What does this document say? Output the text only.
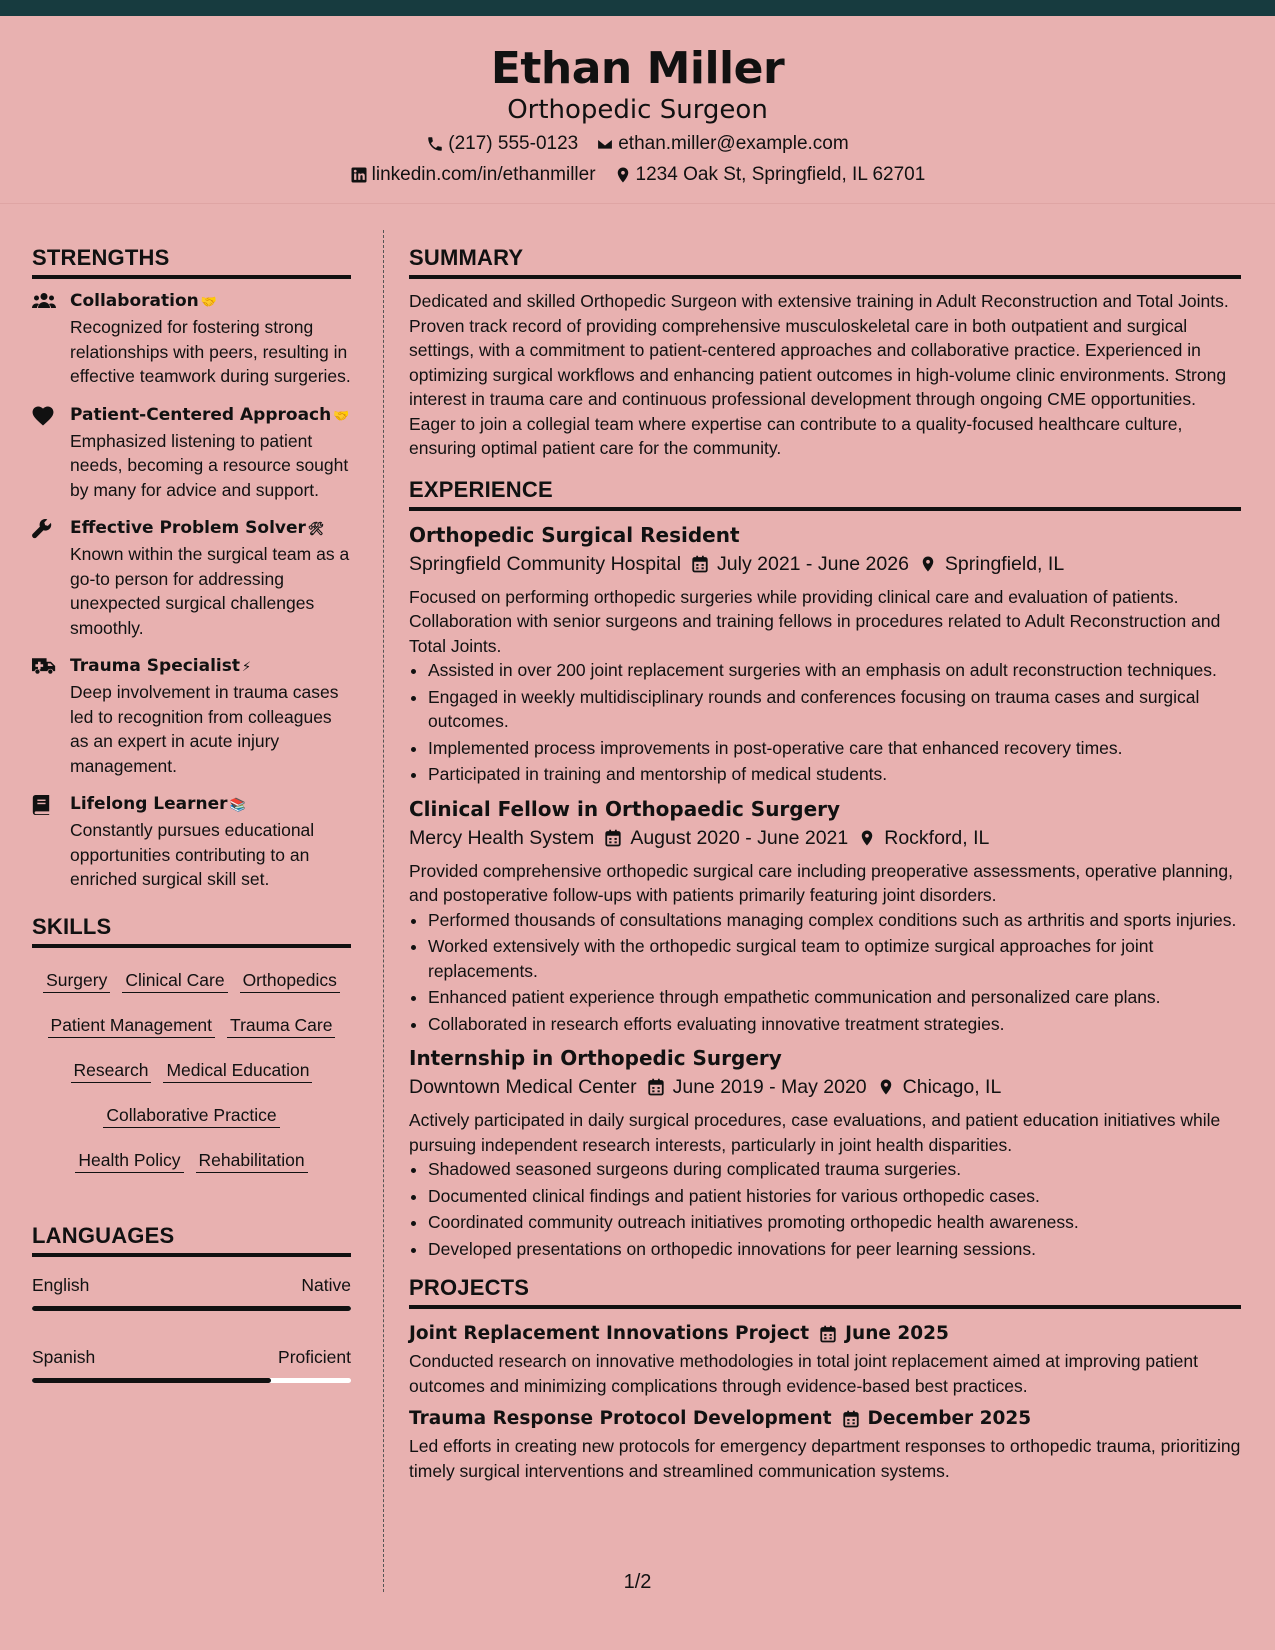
Ethan Miller
Orthopedic Surgeon
(217) 555-0123 ethan.miller@example.com
linkedin.com/in/ethanmiller 1234 Oak St, Springfield, IL 62701
STRENGTHS
Collaboration 🤝
Recognized for fostering strong relationships with peers, resulting in effective teamwork during surgeries.
Patient-Centered Approach 🤝
Emphasized listening to patient needs, becoming a resource sought by many for advice and support.
Effective Problem Solver 🛠
Known within the surgical team as a go-to person for addressing unexpected surgical challenges smoothly.
Trauma Specialist ⚡
Deep involvement in trauma cases led to recognition from colleagues as an expert in acute injury management.
Lifelong Learner 📚
Constantly pursues educational opportunities contributing to an enriched surgical skill set.
SKILLS
Surgery Clinical Care Orthopedics
Patient Management Trauma Care
Research Medical Education
Collaborative Practice
Health Policy Rehabilitation
LANGUAGES
English	Native
Spanish	Proficient
SUMMARY
Dedicated and skilled Orthopedic Surgeon with extensive training in Adult Reconstruction and Total Joints. Proven track record of providing comprehensive musculoskeletal care in both outpatient and surgical settings, with a commitment to patient-centered approaches and collaborative practice. Experienced in optimizing surgical workflows and enhancing patient outcomes in high-volume clinic environments. Strong interest in trauma care and continuous professional development through ongoing CME opportunities. Eager to join a collegial team where expertise can contribute to a quality-focused healthcare culture, ensuring optimal patient care for the community.
EXPERIENCE
Orthopedic Surgical Resident
Springfield Community Hospital July 2021 - June 2026 Springfield, IL
Focused on performing orthopedic surgeries while providing clinical care and evaluation of patients. Collaboration with senior surgeons and training fellows in procedures related to Adult Reconstruction and Total Joints.
• Assisted in over 200 joint replacement surgeries with an emphasis on adult reconstruction techniques.
• Engaged in weekly multidisciplinary rounds and conferences focusing on trauma cases and surgical outcomes.
• Implemented process improvements in post-operative care that enhanced recovery times.
• Participated in training and mentorship of medical students.
Clinical Fellow in Orthopaedic Surgery
Mercy Health System August 2020 - June 2021 Rockford, IL
Provided comprehensive orthopedic surgical care including preoperative assessments, operative planning, and postoperative follow-ups with patients primarily featuring joint disorders.
• Performed thousands of consultations managing complex conditions such as arthritis and sports injuries.
• Worked extensively with the orthopedic surgical team to optimize surgical approaches for joint replacements.
• Enhanced patient experience through empathetic communication and personalized care plans.
• Collaborated in research efforts evaluating innovative treatment strategies.
Internship in Orthopedic Surgery
Downtown Medical Center June 2019 - May 2020 Chicago, IL
Actively participated in daily surgical procedures, case evaluations, and patient education initiatives while pursuing independent research interests, particularly in joint health disparities.
• Shadowed seasoned surgeons during complicated trauma surgeries.
• Documented clinical findings and patient histories for various orthopedic cases.
• Coordinated community outreach initiatives promoting orthopedic health awareness.
• Developed presentations on orthopedic innovations for peer learning sessions.
PROJECTS
Joint Replacement Innovations Project June 2025
Conducted research on innovative methodologies in total joint replacement aimed at improving patient outcomes and minimizing complications through evidence-based best practices.
Trauma Response Protocol Development December 2025
Led efforts in creating new protocols for emergency department responses to orthopedic trauma, prioritizing timely surgical interventions and streamlined communication systems.
1/2
